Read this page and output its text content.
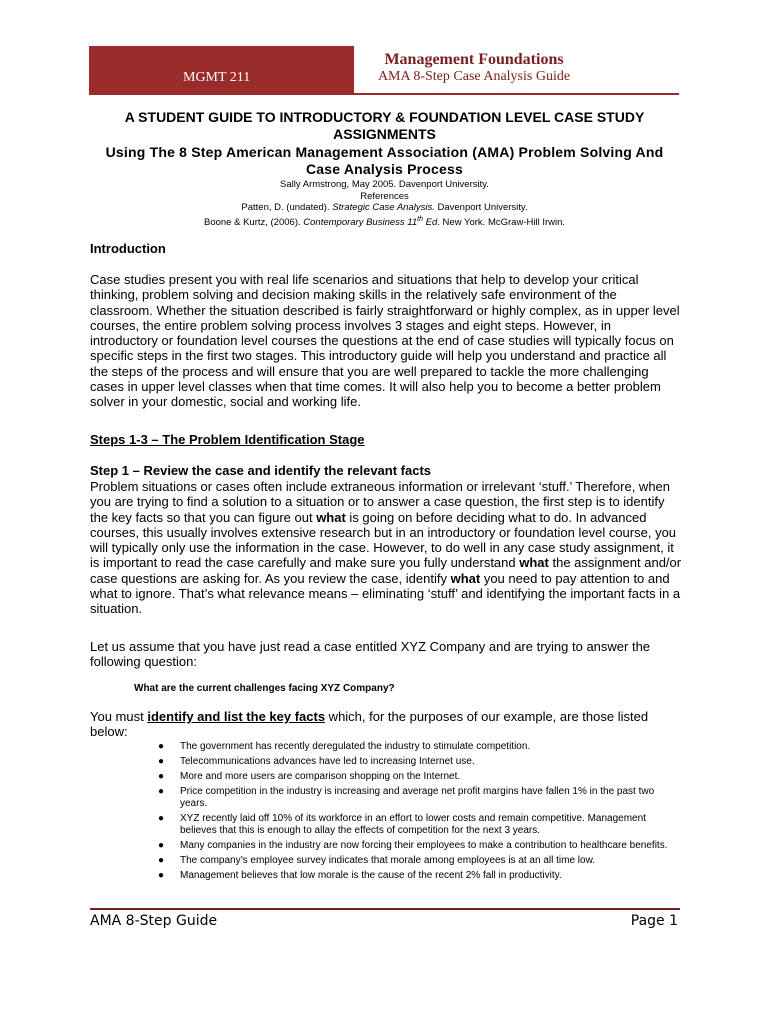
MGMT 211
Management Foundations
AMA 8-Step Case Analysis Guide
A STUDENT GUIDE TO INTRODUCTORY & FOUNDATION LEVEL CASE STUDY ASSIGNMENTS
Using The 8 Step American Management Association (AMA) Problem Solving And Case Analysis Process
Sally Armstrong, May 2005. Davenport University.
References
Patten, D. (undated). Strategic Case Analysis. Davenport University.
Boone & Kurtz, (2006). Contemporary Business 11th Ed. New York. McGraw-Hill Irwin.
Introduction
Case studies present you with real life scenarios and situations that help to develop your critical thinking, problem solving and decision making skills in the relatively safe environment of the classroom. Whether the situation described is fairly straightforward or highly complex, as in upper level courses, the entire problem solving process involves 3 stages and eight steps. However, in introductory or foundation level courses the questions at the end of case studies will typically focus on specific steps in the first two stages. This introductory guide will help you understand and practice all the steps of the process and will ensure that you are well prepared to tackle the more challenging cases in upper level classes when that time comes. It will also help you to become a better problem solver in your domestic, social and working life.
Steps 1-3 – The Problem Identification Stage
Step 1 – Review the case and identify the relevant facts
Problem situations or cases often include extraneous information or irrelevant ‘stuff.’ Therefore, when you are trying to find a solution to a situation or to answer a case question, the first step is to identify the key facts so that you can figure out what is going on before deciding what to do. In advanced courses, this usually involves extensive research but in an introductory or foundation level course, you will typically only use the information in the case. However, to do well in any case study assignment, it is important to read the case carefully and make sure you fully understand what the assignment and/or case questions are asking for. As you review the case, identify what you need to pay attention to and what to ignore. That’s what relevance means – eliminating ‘stuff’ and identifying the important facts in a situation.
Let us assume that you have just read a case entitled XYZ Company and are trying to answer the following question:
What are the current challenges facing XYZ Company?
You must identify and list the key facts which, for the purposes of our example, are those listed below:
● The government has recently deregulated the industry to stimulate competition.
● Telecommunications advances have led to increasing Internet use.
● More and more users are comparison shopping on the Internet.
● Price competition in the industry is increasing and average net profit margins have fallen 1% in the past two years.
● XYZ recently laid off 10% of its workforce in an effort to lower costs and remain competitive. Management believes that this is enough to allay the effects of competition for the next 3 years.
● Many companies in the industry are now forcing their employees to make a contribution to healthcare benefits.
● The company’s employee survey indicates that morale among employees is at an all time low.
● Management believes that low morale is the cause of the recent 2% fall in productivity.
AMA 8-Step Guide	Page 1
